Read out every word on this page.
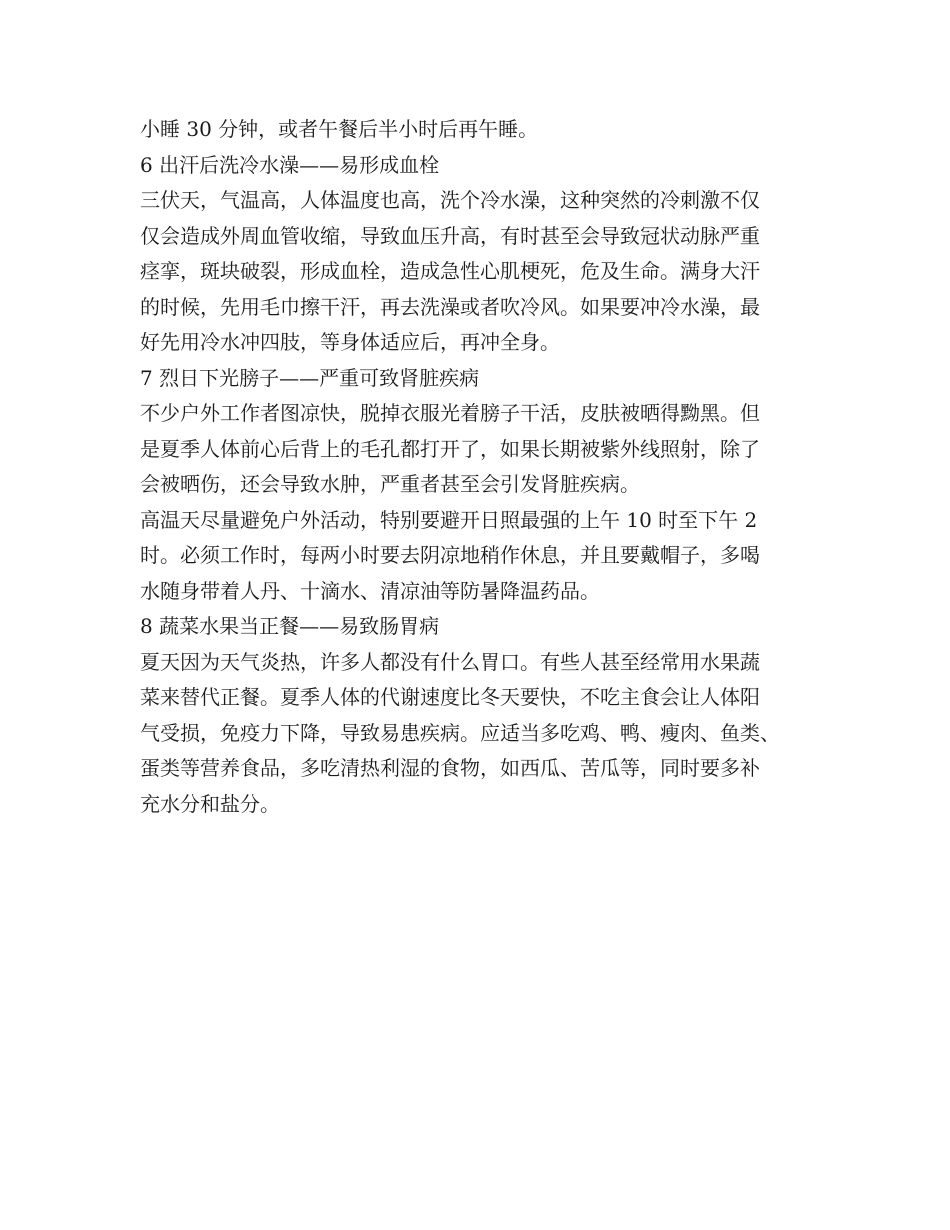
小睡 30 分钟，或者午餐后半小时后再午睡。
6 出汗后洗冷水澡——易形成血栓
三伏天，气温高，人体温度也高，洗个冷水澡，这种突然的冷刺激不仅
仅会造成外周血管收缩，导致血压升高，有时甚至会导致冠状动脉严重
痉挛，斑块破裂，形成血栓，造成急性心肌梗死，危及生命。满身大汗
的时候，先用毛巾擦干汗，再去洗澡或者吹冷风。如果要冲冷水澡，最
好先用冷水冲四肢，等身体适应后，再冲全身。
7 烈日下光膀子——严重可致肾脏疾病
不少户外工作者图凉快，脱掉衣服光着膀子干活，皮肤被晒得黝黑。但
是夏季人体前心后背上的毛孔都打开了，如果长期被紫外线照射，除了
会被晒伤，还会导致水肿，严重者甚至会引发肾脏疾病。
高温天尽量避免户外活动，特别要避开日照最强的上午 10 时至下午 2
时。必须工作时，每两小时要去阴凉地稍作休息，并且要戴帽子，多喝
水随身带着人丹、十滴水、清凉油等防暑降温药品。
8 蔬菜水果当正餐——易致肠胃病
夏天因为天气炎热，许多人都没有什么胃口。有些人甚至经常用水果蔬
菜来替代正餐。夏季人体的代谢速度比冬天要快，不吃主食会让人体阳
气受损，免疫力下降，导致易患疾病。应适当多吃鸡、鸭、瘦肉、鱼类、
蛋类等营养食品，多吃清热利湿的食物，如西瓜、苦瓜等，同时要多补
充水分和盐分。
